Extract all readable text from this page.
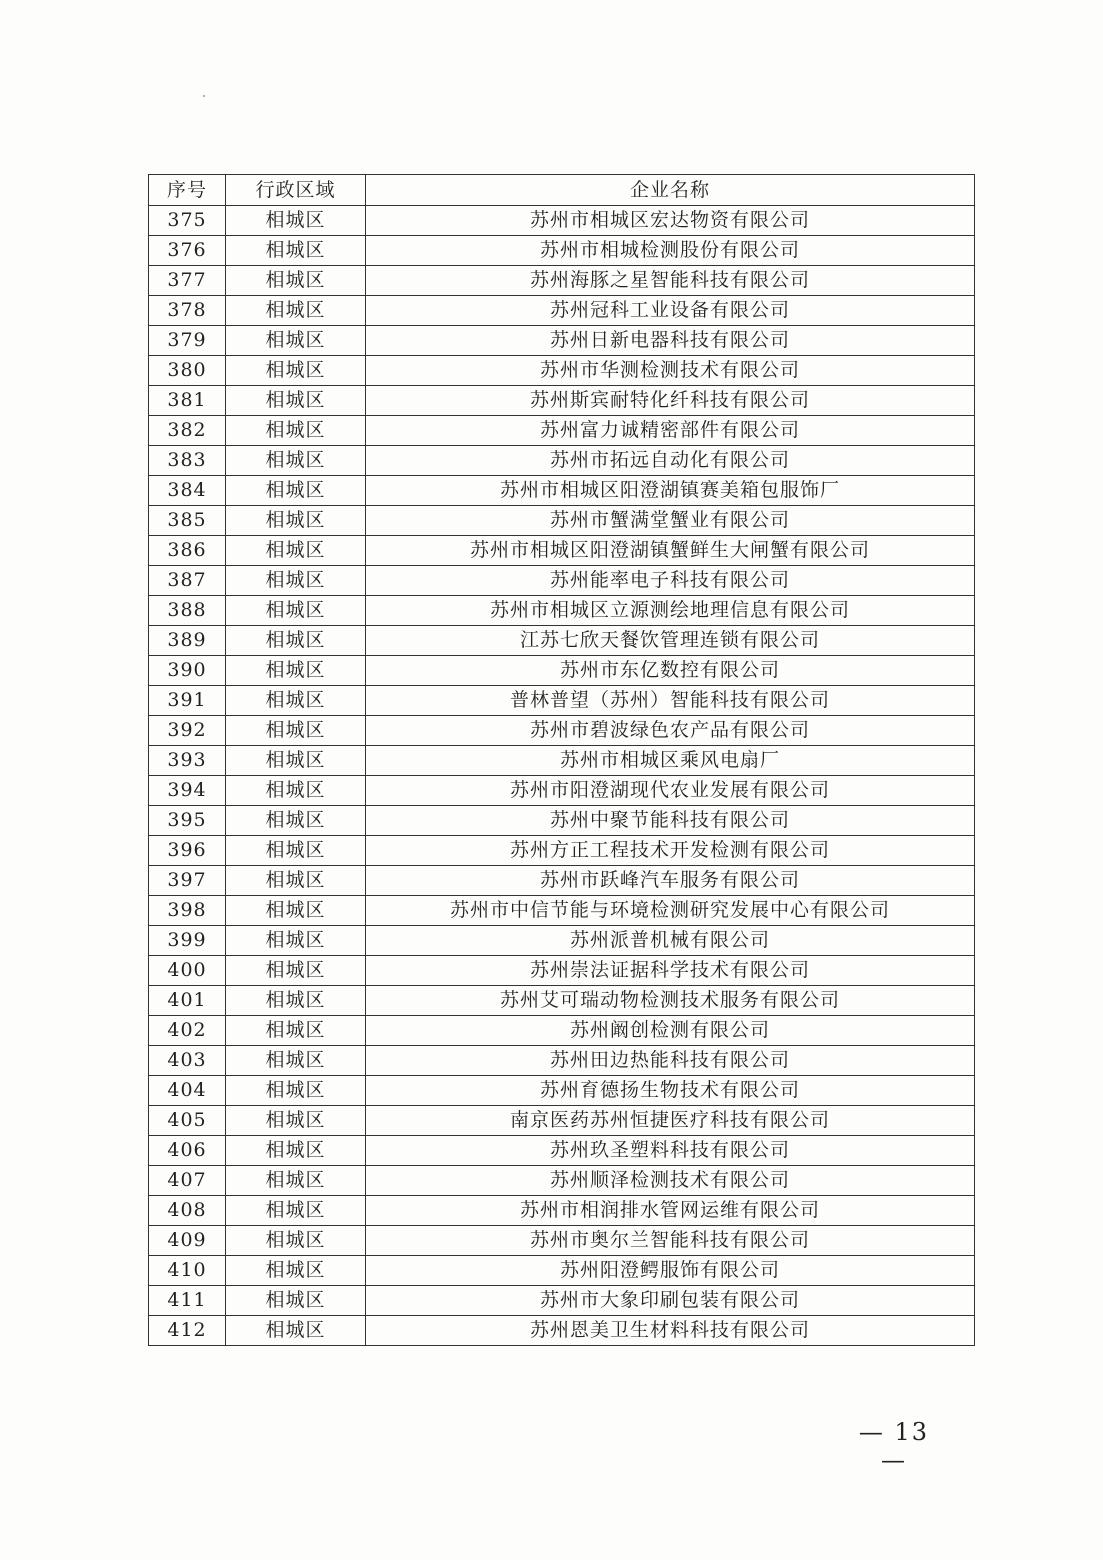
序号	行政区域	企业名称
375	相城区	苏州市相城区宏达物资有限公司
376	相城区	苏州市相城检测股份有限公司
377	相城区	苏州海豚之星智能科技有限公司
378	相城区	苏州冠科工业设备有限公司
379	相城区	苏州日新电器科技有限公司
380	相城区	苏州市华测检测技术有限公司
381	相城区	苏州斯宾耐特化纤科技有限公司
382	相城区	苏州富力诚精密部件有限公司
383	相城区	苏州市拓远自动化有限公司
384	相城区	苏州市相城区阳澄湖镇赛美箱包服饰厂
385	相城区	苏州市蟹满堂蟹业有限公司
386	相城区	苏州市相城区阳澄湖镇蟹鲜生大闸蟹有限公司
387	相城区	苏州能率电子科技有限公司
388	相城区	苏州市相城区立源测绘地理信息有限公司
389	相城区	江苏七欣天餐饮管理连锁有限公司
390	相城区	苏州市东亿数控有限公司
391	相城区	普林普望（苏州）智能科技有限公司
392	相城区	苏州市碧波绿色农产品有限公司
393	相城区	苏州市相城区乘风电扇厂
394	相城区	苏州市阳澄湖现代农业发展有限公司
395	相城区	苏州中聚节能科技有限公司
396	相城区	苏州方正工程技术开发检测有限公司
397	相城区	苏州市跃峰汽车服务有限公司
398	相城区	苏州市中信节能与环境检测研究发展中心有限公司
399	相城区	苏州派普机械有限公司
400	相城区	苏州崇法证据科学技术有限公司
401	相城区	苏州艾可瑞动物检测技术服务有限公司
402	相城区	苏州阚创检测有限公司
403	相城区	苏州田边热能科技有限公司
404	相城区	苏州育德扬生物技术有限公司
405	相城区	南京医药苏州恒捷医疗科技有限公司
406	相城区	苏州玖圣塑料科技有限公司
407	相城区	苏州顺泽检测技术有限公司
408	相城区	苏州市相润排水管网运维有限公司
409	相城区	苏州市奥尔兰智能科技有限公司
410	相城区	苏州阳澄鳄服饰有限公司
411	相城区	苏州市大象印刷包装有限公司
412	相城区	苏州恩美卫生材料科技有限公司
— 13 —
